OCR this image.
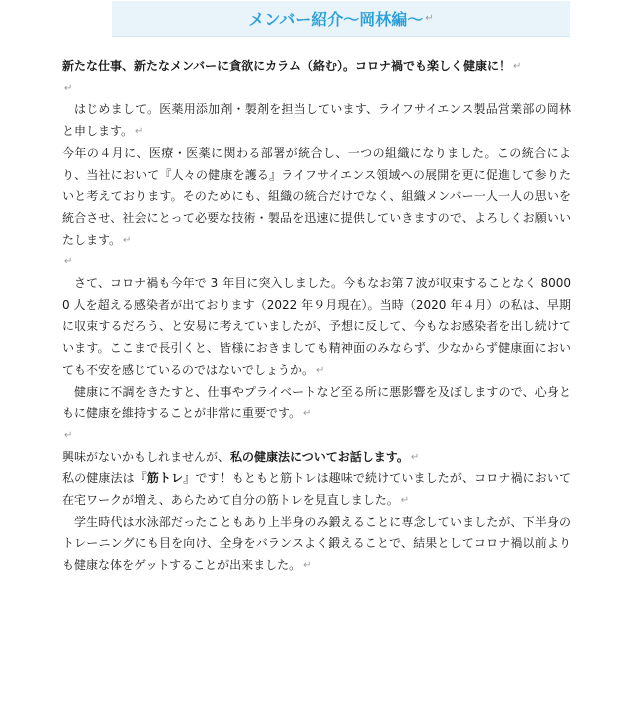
メンバー紹介〜岡林編〜 ↵

新たな仕事、新たなメンバーに貪欲にカラム（絡む）。コロナ禍でも楽しく健康に！ ↵

↵

はじめまして。医薬用添加剤・製剤を担当しています、ライフサイエンス製品営業部の岡林と申します。 ↵

今年の４月に、医療・医薬に関わる部署が統合し、一つの組織になりました。この統合により、当社において『人々の健康を護る』ライフサイエンス領域への展開を更に促進して参りたいと考えております。そのためにも、組織の統合だけでなく、組織メンバー一人一人の思いを統合させ、社会にとって必要な技術・製品を迅速に提供していきますので、よろしくお願いいたします。 ↵

↵

さて、コロナ禍も今年で 3 年目に突入しました。今もなお第７波が収束することなく 80000 人を超える感染者が出ております（2022 年９月現在）。当時（2020 年４月）の私は、早期に収束するだろう、と安易に考えていましたが、予想に反して、今もなお感染者を出し続けています。ここまで長引くと、皆様におきましても精神面のみならず、少なからず健康面においても不安を感じているのではないでしょうか。 ↵

健康に不調をきたすと、仕事やプライベートなど至る所に悪影響を及ぼしますので、心身ともに健康を維持することが非常に重要です。 ↵

↵

興味がないかもしれませんが、私の健康法についてお話します。 ↵

私の健康法は『筋トレ』です！もともと筋トレは趣味で続けていましたが、コロナ禍において在宅ワークが増え、あらためて自分の筋トレを見直しました。 ↵

学生時代は水泳部だったこともあり上半身のみ鍛えることに専念していましたが、下半身のトレーニングにも目を向け、全身をバランスよく鍛えることで、結果としてコロナ禍以前よりも健康な体をゲットすることが出来ました。 ↵
